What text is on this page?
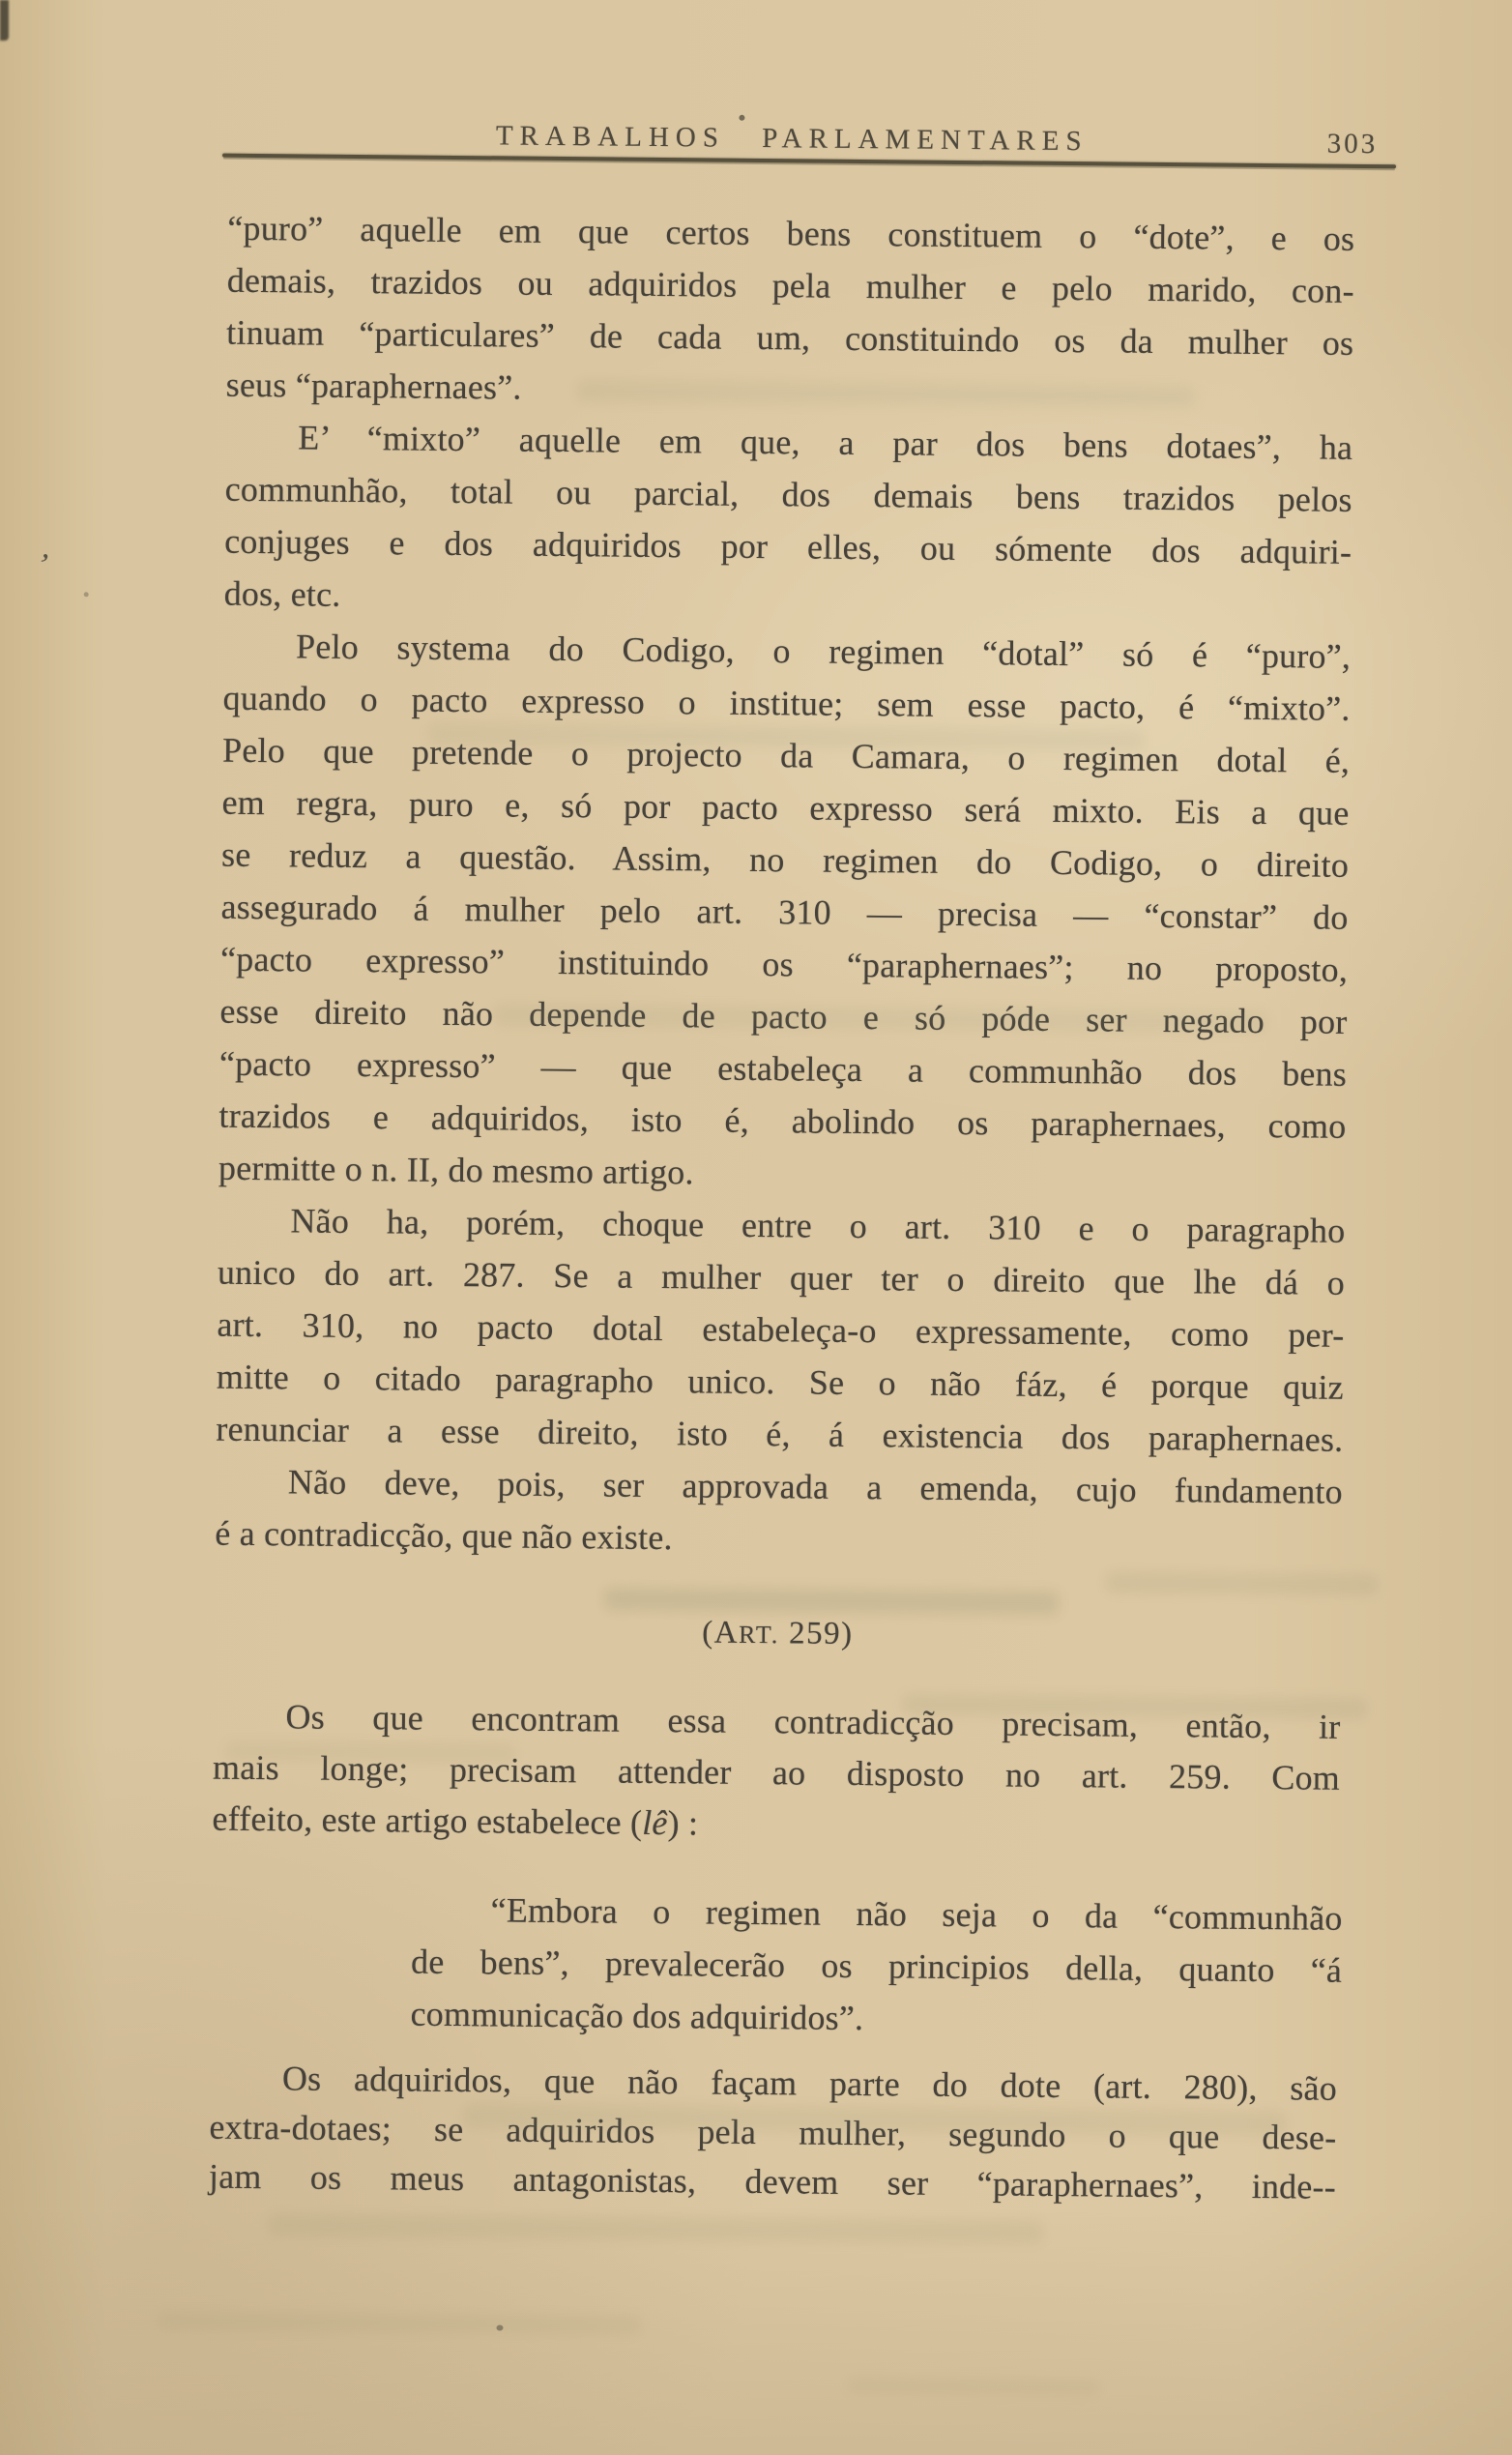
TRABALHOS PARLAMENTARES	303
“puro” aquelle em que certos bens constituem o “dote”, e os
demais, trazidos ou adquiridos pela mulher e pelo marido, con-
tinuam “particulares” de cada um, constituindo os da mulher os
seus “paraphernaes”.
E’ “mixto” aquelle em que, a par dos bens dotaes”, ha
communhão, total ou parcial, dos demais bens trazidos pelos
conjuges e dos adquiridos por elles, ou sómente dos adquiri-
dos, etc.
Pelo systema do Codigo, o regimen “dotal” só é “puro”,
quando o pacto expresso o institue; sem esse pacto, é “mixto”.
Pelo que pretende o projecto da Camara, o regimen dotal é,
em regra, puro e, só por pacto expresso será mixto. Eis a que
se reduz a questão. Assim, no regimen do Codigo, o direito
assegurado á mulher pelo art. 310 — precisa — “constar” do
“pacto expresso” instituindo os “paraphernaes”; no proposto,
esse direito não depende de pacto e só póde ser negado por
“pacto expresso” — que estabeleça a communhão dos bens
trazidos e adquiridos, isto é, abolindo os paraphernaes, como
permitte o n. II, do mesmo artigo.
Não ha, porém, choque entre o art. 310 e o paragrapho
unico do art. 287. Se a mulher quer ter o direito que lhe dá o
art. 310, no pacto dotal estabeleça-o expressamente, como per-
mitte o citado paragrapho unico. Se o não fáz, é porque quiz
renunciar a esse direito, isto é, á existencia dos paraphernaes.
Não deve, pois, ser approvada a emenda, cujo fundamento
é a contradicção, que não existe.
(ART. 259)
Os que encontram essa contradicção precisam, então, ir
mais longe; precisam attender ao disposto no art. 259. Com
effeito, este artigo estabelece (lê) :
“Embora o regimen não seja o da “communhão
de bens”, prevalecerão os principios della, quanto “á
communicação dos adquiridos”.
Os adquiridos, que não façam parte do dote (art. 280), são
extra-dotaes; se adquiridos pela mulher, segundo o que dese-
jam os meus antagonistas, devem ser “paraphernaes”, inde--
,
